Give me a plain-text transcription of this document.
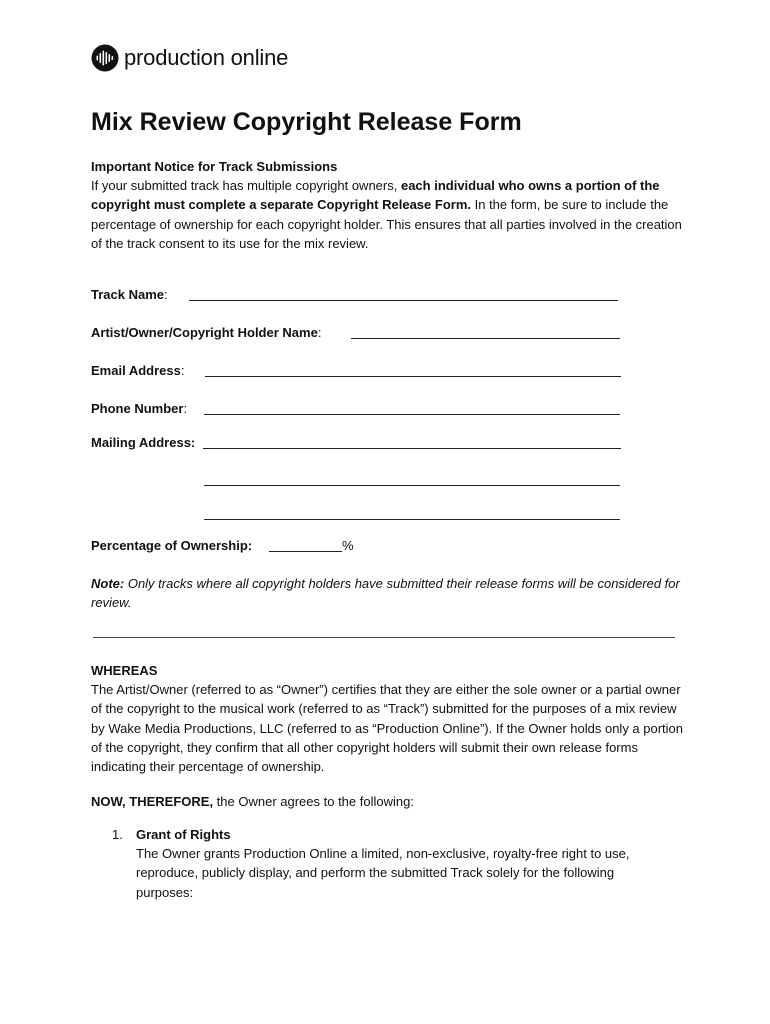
production online
Mix Review Copyright Release Form

Important Notice for Track Submissions

If your submitted track has multiple copyright owners, each individual who owns a portion of the copyright must complete a separate Copyright Release Form. In the form, be sure to include the percentage of ownership for each copyright holder. This ensures that all parties involved in the creation of the track consent to its use for the mix review.

Track Name:
Artist/Owner/Copyright Holder Name:
Email Address:
Phone Number:
Mailing Address:
Percentage of Ownership:	%

Note: Only tracks where all copyright holders have submitted their release forms will be considered for review.

WHEREAS

The Artist/Owner (referred to as “Owner”) certifies that they are either the sole owner or a partial owner of the copyright to the musical work (referred to as “Track”) submitted for the purposes of a mix review by Wake Media Productions, LLC (referred to as “Production Online”). If the Owner holds only a portion of the copyright, they confirm that all other copyright holders will submit their own release forms indicating their percentage of ownership.

NOW, THEREFORE, the Owner agrees to the following:

1. Grant of Rights

The Owner grants Production Online a limited, non-exclusive, royalty-free right to use, reproduce, publicly display, and perform the submitted Track solely for the following purposes:
